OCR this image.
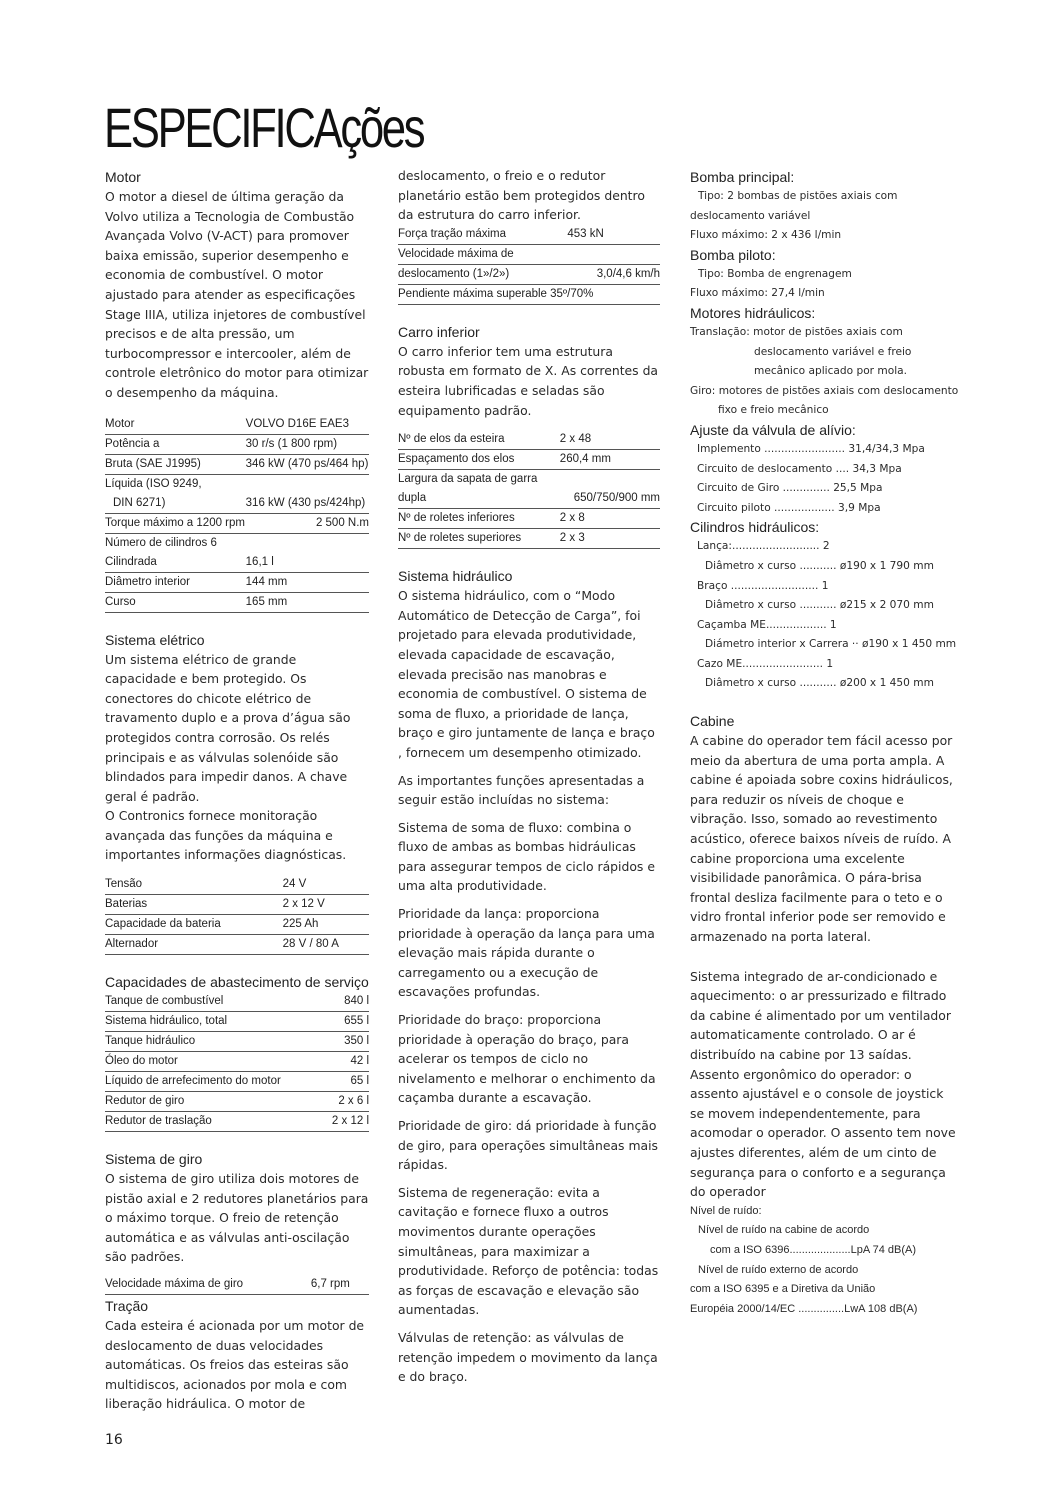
ESPECIFICAções
Motor
O motor a diesel de última geração da Volvo utiliza a Tecnologia de Combustão Avançada Volvo (V-ACT) para promover baixa emissão, superior desempenho e economia de combustível. O motor ajustado para atender as especificações Stage IIIA, utiliza injetores de combustível precisos e de alta pressão, um turbocompressor e intercooler, além de controle eletrônico do motor para otimizar o desempenho da máquina.
Motor	VOLVO D16E EAE3
Potência a	30 r/s (1 800 rpm)
Bruta (SAE J1995)	346 kW (470 ps/464 hp)
Líquida (ISO 9249,	
DIN 6271)	316 kW (430 ps/424hp)
Torque máximo a 1200 rpm	2 500 N.m
Número de cilindros 6	
Cilindrada	16,1 l
Diâmetro interior	144 mm
Curso	165 mm
Sistema elétrico
Um sistema elétrico de grande capacidade e bem protegido. Os conectores do chicote elétrico de travamento duplo e a prova d’água são protegidos contra corrosão. Os relés principais e as válvulas solenóide são blindados para impedir danos. A chave geral é padrão.
O Contronics fornece monitoração avançada das funções da máquina e importantes informações diagnósticas.
Tensão	24 V
Baterias	2 x 12 V
Capacidade da bateria	225 Ah
Alternador	28 V / 80 A
Capacidades de abastecimento de serviço
Tanque de combustível	840 l
Sistema hidráulico, total	655 l
Tanque hidráulico	350 l
Óleo do motor	42 l
Líquido de arrefecimento do motor	65 l
Redutor de giro	2 x 6 l
Redutor de traslação	2 x 12 l
Sistema de giro
O sistema de giro utiliza dois motores de pistão axial e 2 redutores planetários para o máximo torque. O freio de retenção automática e as válvulas anti-oscilação são padrões.
Velocidade máxima de giro	6,7 rpm
Tração
Cada esteira é acionada por um motor de deslocamento de duas velocidades automáticas. Os freios das esteiras são multidiscos, acionados por mola e com liberação hidráulica. O motor de
deslocamento, o freio e o redutor planetário estão bem protegidos dentro da estrutura do carro inferior.
Força tração máxima	453 kN
Velocidade máxima de	
deslocamento (1»/2»)	3,0/4,6 km/h
Pendiente máxima superable 35º/70%	
Carro inferior
O carro inferior tem uma estrutura robusta em formato de X. As correntes da esteira lubrificadas e seladas são equipamento padrão.
Nº de elos da esteira	2 x 48
Espaçamento dos elos	260,4 mm
Largura da sapata de garra	
dupla	650/750/900 mm
Nº de roletes inferiores	2 x 8
Nº de roletes superiores	2 x 3
Sistema hidráulico
O sistema hidráulico, com o “Modo Automático de Detecção de Carga”, foi projetado para elevada produtividade, elevada capacidade de escavação, elevada precisão nas manobras e economia de combustível. O sistema de soma de fluxo, a prioridade de lança, braço e giro juntamente de lança e braço , fornecem um desempenho otimizado.
As importantes funções apresentadas a seguir estão incluídas no sistema:
Sistema de soma de fluxo: combina o fluxo de ambas as bombas hidráulicas para assegurar tempos de ciclo rápidos e uma alta produtividade.
Prioridade da lança: proporciona prioridade à operação da lança para uma elevação mais rápida durante o carregamento ou a execução de escavações profundas.
Prioridade do braço: proporciona prioridade à operação do braço, para acelerar os tempos de ciclo no nivelamento e melhorar o enchimento da caçamba durante a escavação.
Prioridade de giro: dá prioridade à função de giro, para operações simultâneas mais rápidas.
Sistema de regeneração: evita a cavitação e fornece fluxo a outros movimentos durante operações simultâneas, para maximizar a produtividade. Reforço de potência: todas as forças de escavação e elevação são aumentadas.
Válvulas de retenção: as válvulas de retenção impedem o movimento da lança e do braço.
Bomba principal:
Tipo: 2 bombas de pistões axiais com
deslocamento variável
Fluxo máximo: 2 x 436 l/min
Bomba piloto:
Tipo: Bomba de engrenagem
Fluxo máximo: 27,4 l/min
Motores hidráulicos:
Translação: motor de pistões axiais com
deslocamento variável e freio
mecânico aplicado por mola.
Giro: motores de pistões axiais com deslocamento
fixo e freio mecânico
Ajuste da válvula de alívio:
Implemento ........................ 31,4/34,3 Mpa
Circuito de deslocamento .... 34,3 Mpa
Circuito de Giro .............. 25,5 Mpa
Circuito piloto .................. 3,9 Mpa
Cilindros hidráulicos:
Lança:.......................... 2
Diâmetro x curso ........... ø190 x 1 790 mm
Braço .......................... 1
Diâmetro x curso ........... ø215 x 2 070 mm
Caçamba ME.................. 1
Diámetro interior x Carrera ·· ø190 x 1 450 mm
Cazo ME........................ 1
Diâmetro x curso ........... ø200 x 1 450 mm
Cabine
A cabine do operador tem fácil acesso por meio da abertura de uma porta ampla. A cabine é apoiada sobre coxins hidráulicos, para reduzir os níveis de choque e vibração. Isso, somado ao revestimento acústico, oferece baixos níveis de ruído. A cabine proporciona uma excelente visibilidade panorâmica. O pára-brisa frontal desliza facilmente para o teto e o vidro frontal inferior pode ser removido e armazenado na porta lateral.
Sistema integrado de ar-condicionado e aquecimento: o ar pressurizado e filtrado da cabine é alimentado por um ventilador automaticamente controlado. O ar é distribuído na cabine por 13 saídas. Assento ergonômico do operador: o assento ajustável e o console de joystick se movem independentemente, para acomodar o operador. O assento tem nove ajustes diferentes, além de um cinto de segurança para o conforto e a segurança do operador
Nível de ruído:
Nível de ruído na cabine de acordo
com a ISO 6396....................LpA 74 dB(A)
Nível de ruído externo de acordo
com a ISO 6395 e a Diretiva da União
Européia 2000/14/EC ...............LwA 108 dB(A)
16
